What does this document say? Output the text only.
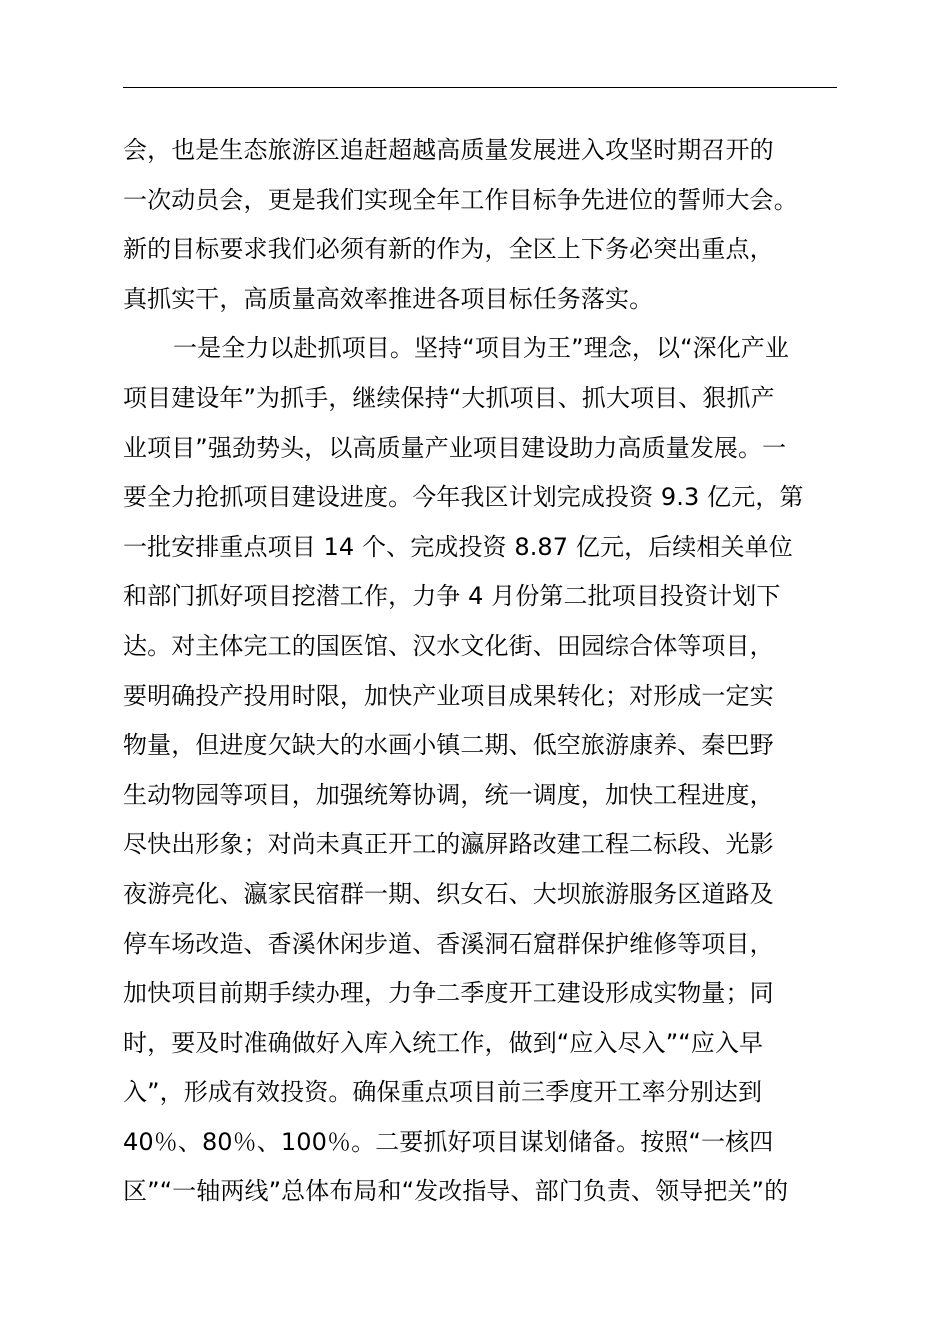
会，也是生态旅游区追赶超越高质量发展进入攻坚时期召开的
一次动员会，更是我们实现全年工作目标争先进位的誓师大会。
新的目标要求我们必须有新的作为，全区上下务必突出重点，
真抓实干，高质量高效率推进各项目标任务落实。
一是全力以赴抓项目。坚持“项目为王”理念，以“深化产业
项目建设年”为抓手，继续保持“大抓项目、抓大项目、狠抓产
业项目”强劲势头，以高质量产业项目建设助力高质量发展。一
要全力抢抓项目建设进度。今年我区计划完成投资 9.3 亿元，第
一批安排重点项目 14 个、完成投资 8.87 亿元，后续相关单位
和部门抓好项目挖潜工作，力争 4 月份第二批项目投资计划下
达。对主体完工的国医馆、汉水文化街、田园综合体等项目，
要明确投产投用时限，加快产业项目成果转化；对形成一定实
物量，但进度欠缺大的水画小镇二期、低空旅游康养、秦巴野
生动物园等项目，加强统筹协调，统一调度，加快工程进度，
尽快出形象；对尚未真正开工的瀛屏路改建工程二标段、光影
夜游亮化、瀛家民宿群一期、织女石、大坝旅游服务区道路及
停车场改造、香溪休闲步道、香溪洞石窟群保护维修等项目，
加快项目前期手续办理，力争二季度开工建设形成实物量；同
时，要及时准确做好入库入统工作，做到“应入尽入”“应入早
入”，形成有效投资。确保重点项目前三季度开工率分别达到
40％、80％、100％。二要抓好项目谋划储备。按照“一核四
区”“一轴两线”总体布局和“发改指导、部门负责、领导把关”的
